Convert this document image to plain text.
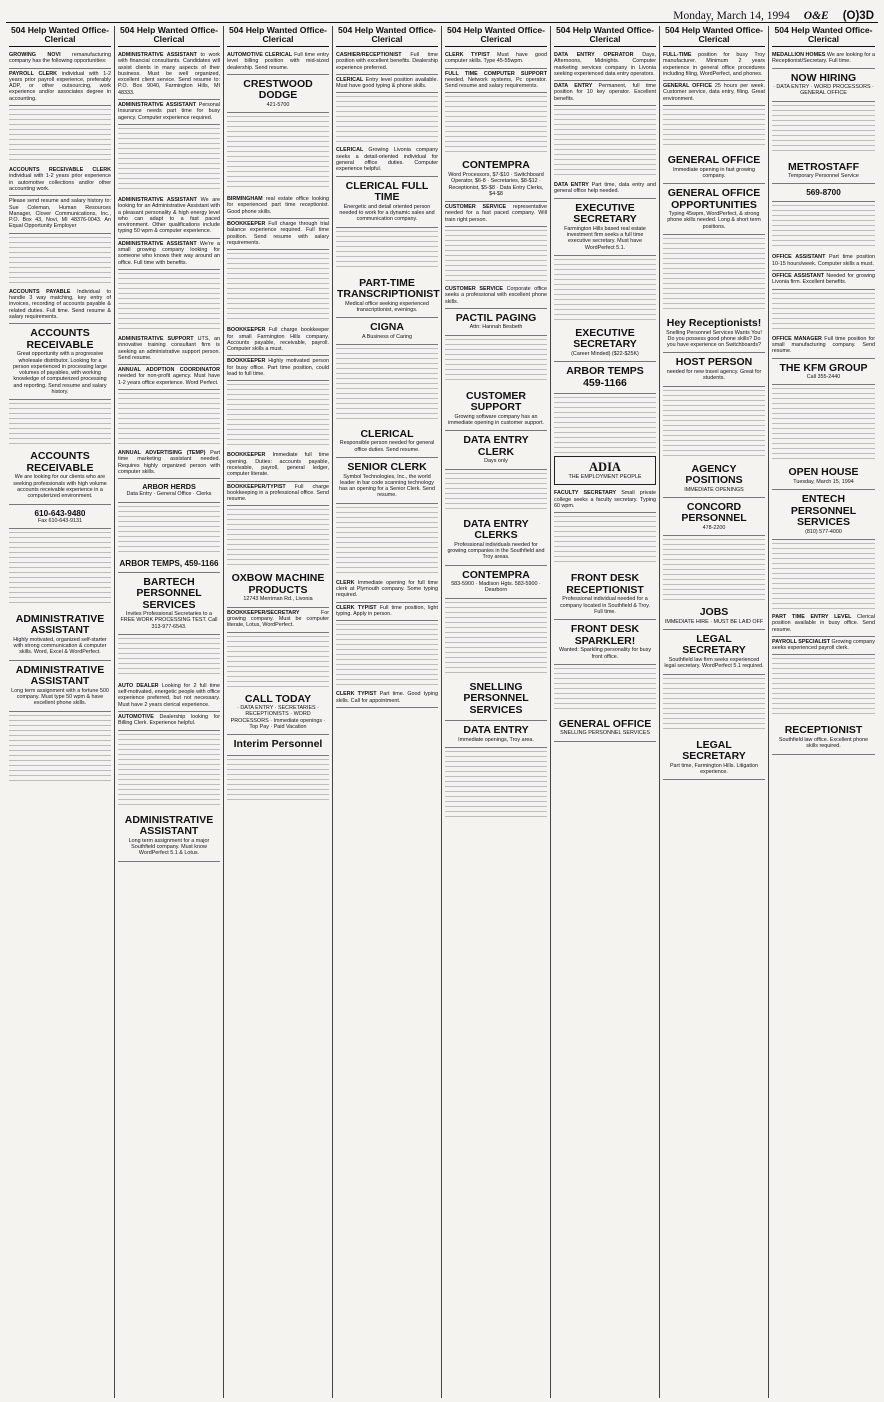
Monday, March 14, 1994 O&E (O)3D
504 Help Wanted Office-Clerical
GROWING NOVI remanufacturing company has the following opportunities:
PAYROLL CLERK individual with 1-2 years prior payroll experience, preferably ADP, or other outsourcing, work experience and/or associates degree in accounting.
ACCOUNTS RECEIVABLE CLERK individual with 1-2 years prior experience in automotive collections and/or other accounting work.
Please send resume and salary history to: Sue Coleman, Human Resources Manager, Clover Communications, Inc., P.O. Box 43, Novi, MI 48376-0043. An Equal Opportunity Employer
ACCOUNTS PAYABLE Individual to handle 3 way matching, key entry of invoices, recording of accounts payable & related duties. Full time. Send resume & salary requirements.
ACCOUNTS RECEIVABLE
Great opportunity with a progressive wholesale distributor. Looking for a person experienced in processing large volumes of payables, with working knowledge of computerized processing and reporting. Send resume and salary history.
ACCOUNTS RECEIVABLE
We are looking for our clients who are seeking professionals with high volume accounts receivable experience in a computerized environment.
610-643-9480
Fax 610-643-9131
ADMINISTRATIVE ASSISTANT
Highly motivated, organized self-starter with strong communication & computer skills. Word, Excel & WordPerfect.
ADMINISTRATIVE ASSISTANT
Long term assignment with a fortune 500 company. Must type 50 wpm & have excellent phone skills.
504 Help Wanted Office-Clerical
ADMINISTRATIVE ASSISTANT to work with financial consultants. Candidates will assist clients in many aspects of their business. Must be well organized, excellent client service. Send resume to: P.O. Box 9040, Farmington Hills, MI 48333.
ADMINISTRATIVE ASSISTANT Personal Insurance needs part time for busy agency. Computer experience required.
ADMINISTRATIVE ASSISTANT We are looking for an Administrative Assistant with a pleasant personality & high energy level who can adapt to a fast paced environment. Other qualifications include typing 50 wpm & computer experience.
ADMINISTRATIVE ASSISTANT We're a small growing company looking for someone who knows their way around an office. Full time with benefits.
ADMINISTRATIVE SUPPORT UTS, an innovative training consultant firm is seeking an administrative support person. Send resume.
ANNUAL ADOPTION COORDINATOR needed for non-profit agency. Must have 1-2 years office experience. Word Perfect.
ANNUAL ADVERTISING (TEMP) Part time marketing assistant needed. Requires highly organized person with computer skills.
ARBOR HERDS
Data Entry · General Office · Clerks
ARBOR TEMPS, 459-1166
BARTECH PERSONNEL SERVICES
Invites Professional Secretaries to a FREE WORK PROCESSING TEST. Call 313-977-6543.
AUTO DEALER Looking for 2 full time self-motivated, energetic people with office experience preferred, but not necessary. Must have 2 years clerical experience.
AUTOMOTIVE Dealership looking for Billing Clerk. Experience helpful.
ADMINISTRATIVE ASSISTANT
Long term assignment for a major Southfield company. Must know WordPerfect 5.1 & Lotus.
504 Help Wanted Office-Clerical
AUTOMOTIVE CLERICAL Full time entry level billing position with mid-sized dealership. Send resume.
CRESTWOOD DODGE
421-5700
BIRMINGHAM real estate office looking for experienced part time receptionist. Good phone skills.
BOOKKEEPER Full charge through trial balance experience required. Full time position. Send resume with salary requirements.
BOOKKEEPER Full charge bookkeeper for small Farmington Hills company. Accounts payable, receivable, payroll. Computer skills a must.
BOOKKEEPER Highly motivated person for busy office. Part time position, could lead to full time.
BOOKKEEPER Immediate full time opening. Duties: accounts payable, receivable, payroll, general ledger, computer literate.
BOOKKEEPER/TYPIST Full charge bookkeeping in a professional office. Send resume.
OXBOW MACHINE PRODUCTS
12743 Merriman Rd., Livonia
BOOKKEEPER/SECRETARY For growing company. Must be computer literate, Lotus, WordPerfect.
CALL TODAY
· DATA ENTRY · SECRETARIES · RECEPTIONISTS · WORD PROCESSORS · Immediate openings · Top Pay · Paid Vacation
Interim Personnel
504 Help Wanted Office-Clerical
CASHIER/RECEPTIONIST Full time position with excellent benefits. Dealership experience preferred.
CLERICAL Entry level position available. Must have good typing & phone skills.
CLERICAL Growing Livonia company seeks a detail-oriented individual for general office duties. Computer experience helpful.
CLERICAL FULL TIME
Energetic and detail oriented person needed to work for a dynamic sales and communication company.
PART-TIME TRANSCRIPTIONIST
Medical office seeking experienced transcriptionist, evenings.
CIGNA
A Business of Caring
CLERICAL
Responsible person needed for general office duties. Send resume.
SENIOR CLERK
Symbol Technologies, Inc., the world leader in bar code scanning technology has an opening for a Senior Clerk. Send resume.
CLERK Immediate opening for full time clerk at Plymouth company. Some typing required.
CLERK TYPIST Full time position, light typing. Apply in person.
CLERK TYPIST Part time. Good typing skills. Call for appointment.
504 Help Wanted Office-Clerical
CLERK TYPIST Must have good computer skills. Type 45-55wpm.
FULL TIME COMPUTER SUPPORT needed. Network systems, Pc operator. Send resume and salary requirements.
CONTEMPRA
Word Processors, $7-$10 · Switchboard Operator, $6-8 · Secretaries, $8-$12 · Receptionist, $5-$8 · Data Entry Clerks, $4-$8
CUSTOMER SERVICE representative needed for a fast paced company. Will train right person.
CUSTOMER SERVICE Corporate office seeks a professional with excellent phone skills.
PACTIL PAGING
Attn: Hannah Besbeth
CUSTOMER SUPPORT
Growing software company has an immediate opening in customer support.
DATA ENTRY CLERK
Days only
DATA ENTRY CLERKS
Professional individuals needed for growing companies in the Southfield and Troy areas.
CONTEMPRA
583-5900 · Madison Hgts. 583-5900 · Dearborn
SNELLING PERSONNEL SERVICES
DATA ENTRY
Immediate openings, Troy area.
504 Help Wanted Office-Clerical
DATA ENTRY OPERATOR Days, Afternoons, Midnights. Computer marketing services company in Livonia seeking experienced data entry operators.
DATA ENTRY Permanent, full time position for 10 key operator. Excellent benefits.
DATA ENTRY Part time, data entry and general office help needed.
EXECUTIVE SECRETARY
Farmington Hills based real estate investment firm seeks a full time executive secretary. Must have WordPerfect 5.1.
EXECUTIVE SECRETARY
(Career Minded) ($22-$25K)
ARBOR TEMPS 459-1166
ADIA
THE EMPLOYMENT PEOPLE
FACULTY SECRETARY Small private college seeks a faculty secretary. Typing 60 wpm.
FRONT DESK RECEPTIONIST
Professional individual needed for a company located in Southfield & Troy. Full time.
FRONT DESK SPARKLER!
Wanted: Sparkling personality for busy front office.
GENERAL OFFICE
SNELLING PERSONNEL SERVICES
504 Help Wanted Office-Clerical
FULL-TIME position for busy Troy manufacturer. Minimum 2 years experience in general office procedures including filing, WordPerfect, and phones.
GENERAL OFFICE 25 hours per week. Customer service, data entry, filing. Great environment.
GENERAL OFFICE
Immediate opening in fast growing company.
GENERAL OFFICE OPPORTUNITIES
Typing 45wpm, WordPerfect, & strong phone skills needed. Long & short term positions.
Hey Receptionists!
Snelling Personnel Services Wants You! Do you possess good phone skills? Do you have experience on Switchboards?
HOST PERSON
needed for new travel agency. Great for students.
AGENCY POSITIONS
IMMEDIATE OPENINGS
CONCORD PERSONNEL
478-2200
JOBS
IMMEDIATE HIRE · MUST BE LAID OFF
LEGAL SECRETARY
Southfield law firm seeks experienced legal secretary. WordPerfect 5.1 required.
LEGAL SECRETARY
Part time, Farmington Hills. Litigation experience.
504 Help Wanted Office-Clerical
MEDALLION HOMES We are looking for a Receptionist/Secretary. Full time.
NOW HIRING
· DATA ENTRY · WORD PROCESSORS · GENERAL OFFICE
METROSTAFF
Temporary Personnel Service
569-8700
OFFICE ASSISTANT Part time position 10-15 hours/week. Computer skills a must.
OFFICE ASSISTANT Needed for growing Livonia firm. Excellent benefits.
OFFICE MANAGER Full time position for small manufacturing company. Send resume.
THE KFM GROUP
Call 355-2440
OPEN HOUSE
Tuesday, March 15, 1994
ENTECH PERSONNEL SERVICES
(810) 577-4000
PART TIME ENTRY LEVEL Clerical position available in busy office. Send resume.
PAYROLL SPECIALIST Growing company seeks experienced payroll clerk.
RECEPTIONIST
Southfield law office. Excellent phone skills required.
